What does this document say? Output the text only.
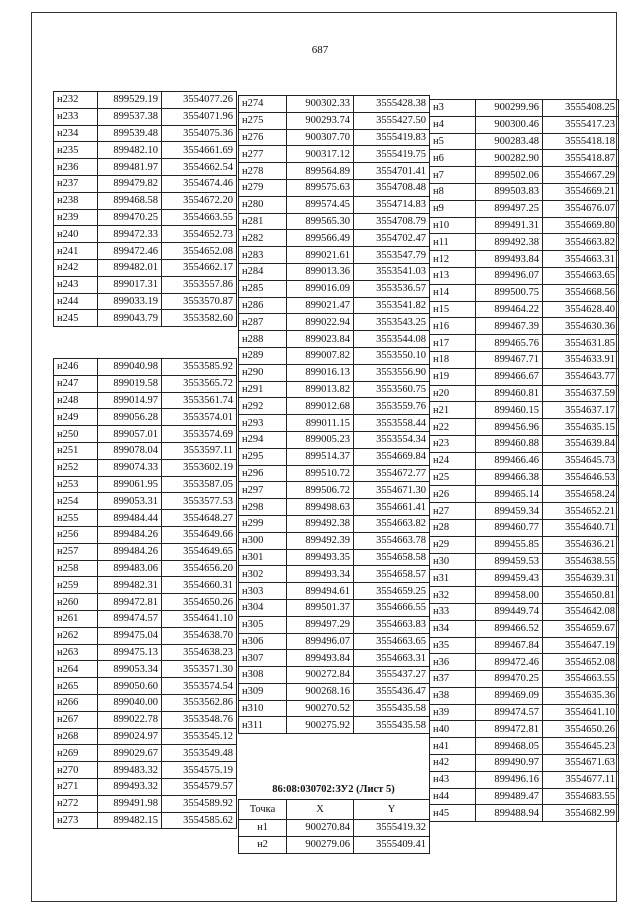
687
н232	899529.19	3554077.26
н233	899537.38	3554071.96
н234	899539.48	3554075.36
н235	899482.10	3554661.69
н236	899481.97	3554662.54
н237	899479.82	3554674.46
н238	899468.58	3554672.20
н239	899470.25	3554663.55
н240	899472.33	3554652.73
н241	899472.46	3554652.08
н242	899482.01	3554662.17
н243	899017.31	3553557.86
н244	899033.19	3553570.87
н245	899043.79	3553582.60
н246	899040.98	3553585.92
н247	899019.58	3553565.72
н248	899014.97	3553561.74
н249	899056.28	3553574.01
н250	899057.01	3553574.69
н251	899078.04	3553597.11
н252	899074.33	3553602.19
н253	899061.95	3553587.05
н254	899053.31	3553577.53
н255	899484.44	3554648.27
н256	899484.26	3554649.66
н257	899484.26	3554649.65
н258	899483.06	3554656.20
н259	899482.31	3554660.31
н260	899472.81	3554650.26
н261	899474.57	3554641.10
н262	899475.04	3554638.70
н263	899475.13	3554638.23
н264	899053.34	3553571.30
н265	899050.60	3553574.54
н266	899040.00	3553562.86
н267	899022.78	3553548.76
н268	899024.97	3553545.12
н269	899029.67	3553549.48
н270	899483.32	3554575.19
н271	899493.32	3554579.57
н272	899491.98	3554589.92
н273	899482.15	3554585.62
н274	900302.33	3555428.38
н275	900293.74	3555427.50
н276	900307.70	3555419.83
н277	900317.12	3555419.75
н278	899564.89	3554701.41
н279	899575.63	3554708.48
н280	899574.45	3554714.83
н281	899565.30	3554708.79
н282	899566.49	3554702.47
н283	899021.61	3553547.79
н284	899013.36	3553541.03
н285	899016.09	3553536.57
н286	899021.47	3553541.82
н287	899022.94	3553543.25
н288	899023.84	3553544.08
н289	899007.82	3553550.10
н290	899016.13	3553556.90
н291	899013.82	3553560.75
н292	899012.68	3553559.76
н293	899011.15	3553558.44
н294	899005.23	3553554.34
н295	899514.37	3554669.84
н296	899510.72	3554672.77
н297	899506.72	3554671.30
н298	899498.63	3554661.41
н299	899492.38	3554663.82
н300	899492.39	3554663.78
н301	899493.35	3554658.58
н302	899493.34	3554658.57
н303	899494.61	3554659.25
н304	899501.37	3554666.55
н305	899497.29	3554663.83
н306	899496.07	3554663.65
н307	899493.84	3554663.31
н308	900272.84	3555437.27
н309	900268.16	3555436.47
н310	900270.52	3555435.58
н311	900275.92	3555435.58
н3	900299.96	3555408.25
н4	900300.46	3555417.23
н5	900283.48	3555418.18
н6	900282.90	3555418.87
н7	899502.06	3554667.29
н8	899503.83	3554669.21
н9	899497.25	3554676.07
н10	899491.31	3554669.80
н11	899492.38	3554663.82
н12	899493.84	3554663.31
н13	899496.07	3554663.65
н14	899500.75	3554668.56
н15	899464.22	3554628.40
н16	899467.39	3554630.36
н17	899465.76	3554631.85
н18	899467.71	3554633.91
н19	899466.67	3554643.77
н20	899460.81	3554637.59
н21	899460.15	3554637.17
н22	899456.96	3554635.15
н23	899460.88	3554639.84
н24	899466.46	3554645.73
н25	899466.38	3554646.53
н26	899465.14	3554658.24
н27	899459.34	3554652.21
н28	899460.77	3554640.71
н29	899455.85	3554636.21
н30	899459.53	3554638.55
н31	899459.43	3554639.31
н32	899458.00	3554650.81
н33	899449.74	3554642.08
н34	899466.52	3554659.67
н35	899467.84	3554647.19
н36	899472.46	3554652.08
н37	899470.25	3554663.55
н38	899469.09	3554635.36
н39	899474.57	3554641.10
н40	899472.81	3554650.26
н41	899468.05	3554645.23
н42	899490.97	3554671.63
н43	899496.16	3554677.11
н44	899489.47	3554683.55
н45	899488.94	3554682.99
86:08:030702:ЗУ2 (Лист 5)
Точка	X	Y
н1	900270.84	3555419.32
н2	900279.06	3555409.41
